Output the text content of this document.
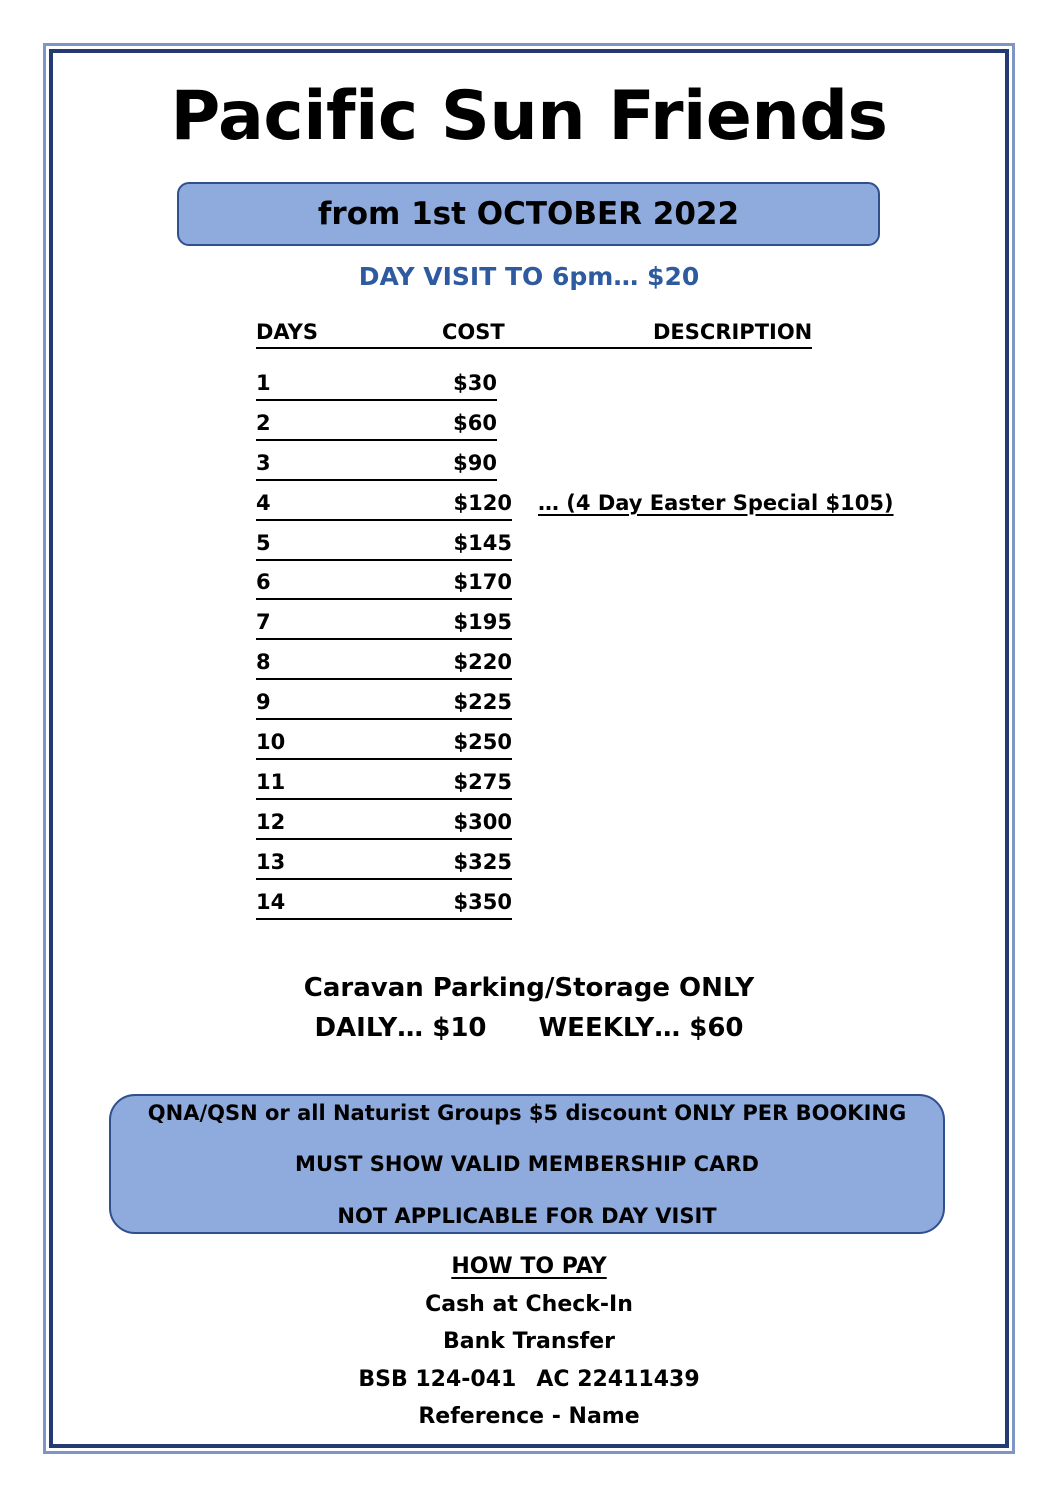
Pacific Sun Friends
from 1st OCTOBER 2022
DAY VISIT TO 6pm… $20
DAYS	COST	DESCRIPTION
1	$30
2	$60
3	$90
4	$120 … (4 Day Easter Special $105)
5	$145
6	$170
7	$195
8	$220
9	$225
10	$250
11	$275
12	$300
13	$325
14	$350
Caravan Parking/Storage ONLY
DAILY… $10 WEEKLY… $60
QNA/QSN or all Naturist Groups $5 discount ONLY PER BOOKING
MUST SHOW VALID MEMBERSHIP CARD
NOT APPLICABLE FOR DAY VISIT
HOW TO PAY
Cash at Check-In
Bank Transfer
BSB 124-041 AC 22411439
Reference - Name
